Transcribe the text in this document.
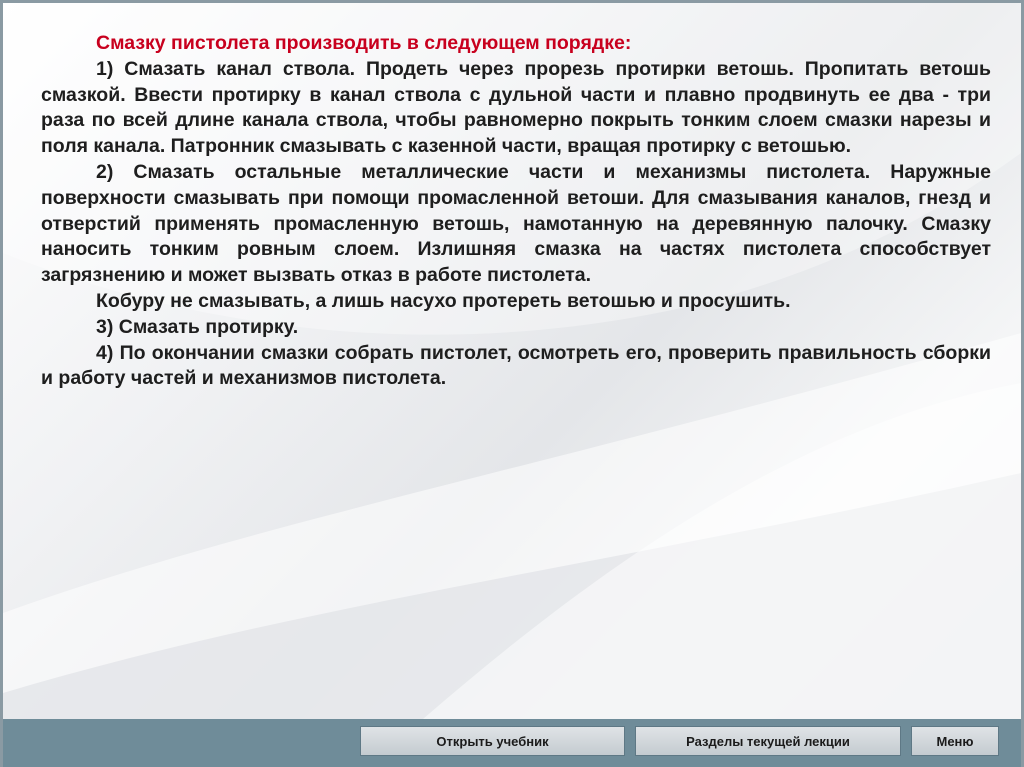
Смазку пистолета производить в следующем порядке:

1) Смазать канал ствола. Продеть через прорезь протирки ветошь. Пропитать ветошь смазкой. Ввести протирку в канал ствола с дульной части и плавно продвинуть ее два - три раза по всей длине канала ствола, чтобы равномерно покрыть тонким слоем смазки нарезы и поля канала. Патронник смазывать с казенной части, вращая протирку с ветошью.

2) Смазать остальные металлические части и механизмы пистолета. Наружные поверхности смазывать при помощи промасленной ветоши. Для смазывания каналов, гнезд и отверстий применять промасленную ветошь, намотанную на деревянную палочку. Смазку наносить тонким ровным слоем. Излишняя смазка на частях пистолета способствует загрязнению и может вызвать отказ в работе пистолета.

Кобуру не смазывать, а лишь насухо протереть ветошью и просушить.

3) Смазать протирку.

4) По окончании смазки собрать пистолет, осмотреть его, проверить правильность сборки и работу частей и механизмов пистолета.

Открыть учебник	Разделы текущей лекции	Меню
